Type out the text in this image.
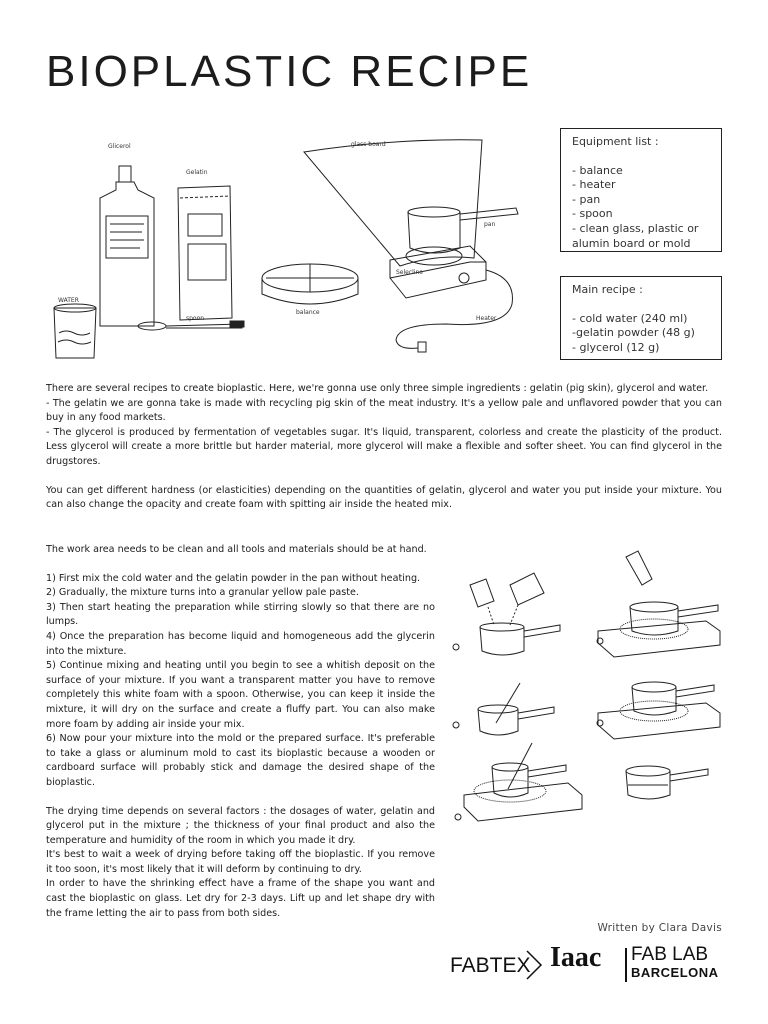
BIOPLASTIC RECIPE
Glicerol
Gelatin
glass board
pan
WATER
spoon
balance
Heater
Selecline

Equipment list :

- balance
- heater
- pan
- spoon
- clean glass, plastic or alumin board or mold

Main recipe :

- cold water (240 ml)
-gelatin powder (48 g)
- glycerol (12 g)

There are several recipes to create bioplastic. Here, we're gonna use only three simple ingredients : gelatin (pig skin), glycerol and water.

- The gelatin we are gonna take is made with recycling pig skin of the meat industry. It's a yellow pale and unflavored powder that you can buy in any food markets.

- The glycerol is produced by fermentation of vegetables sugar. It's liquid, transparent, colorless and create the plasticity of the product. Less glycerol will create a more brittle but harder material, more glycerol will make a flexible and softer sheet. You can find glycerol in the drugstores.

You can get different hardness (or elasticities) depending on the quantities of gelatin, glycerol and water you put inside your mixture. You can also change the opacity and create foam with spitting air inside the heated mix.

The work area needs to be clean and all tools and materials should be at hand.

1) First mix the cold water and the gelatin powder in the pan without heating.

2) Gradually, the mixture turns into a granular yellow pale paste.

3) Then start heating the preparation while stirring slowly so that there are no lumps.

4) Once the preparation has become liquid and homogeneous add the glycerin into the mixture.

5) Continue mixing and heating until you begin to see a whitish deposit on the surface of your mixture. If you want a transparent matter you have to remove completely this white foam with a spoon. Otherwise, you can keep it inside the mixture, it will dry on the surface and create a fluffy part. You can also make more foam by adding air inside your mix.

6) Now pour your mixture into the mold or the prepared surface. It's preferable to take a glass or aluminum mold to cast its bioplastic because a wooden or cardboard surface will probably stick and damage the desired shape of the bioplastic.

The drying time depends on several factors : the dosages of water, gelatin and glycerol put in the mixture ; the thickness of your final product and also the temperature and humidity of the room in which you made it dry.

It's best to wait a week of drying before taking off the bioplastic. If you remove it too soon, it's most likely that it will deform by continuing to dry.

In order to have the shrinking effect have a frame of the shape you want and cast the bioplastic on glass. Let dry for 2-3 days. Lift up and let shape dry with the frame letting the air to pass from both sides.

Written by Clara Davis
FABTEX Iaac FAB LAB
BARCELONA
